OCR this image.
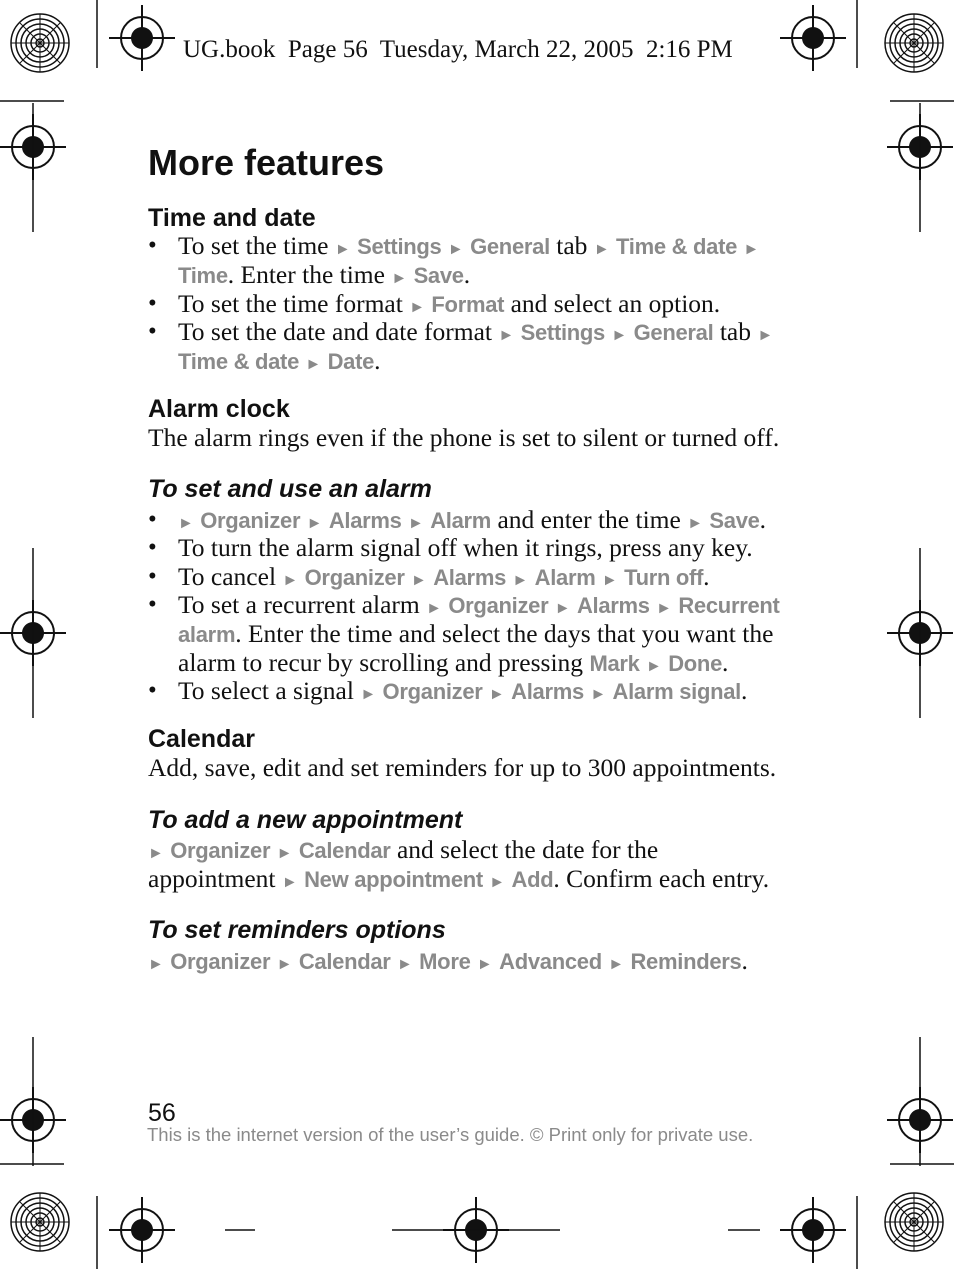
UG.book  Page 56  Tuesday, March 22, 2005  2:16 PM
More features
Time and date
• To set the time ► Settings ► General tab ► Time & date ►
Time. Enter the time ► Save.
• To set the time format ► Format and select an option.
• To set the date and date format ► Settings ► General tab ►
Time & date ► Date.
Alarm clock
The alarm rings even if the phone is set to silent or turned off.
To set and use an alarm
• ► Organizer ► Alarms ► Alarm and enter the time ► Save.
• To turn the alarm signal off when it rings, press any key.
• To cancel ► Organizer ► Alarms ► Alarm ► Turn off.
• To set a recurrent alarm ► Organizer ► Alarms ► Recurrent
alarm. Enter the time and select the days that you want the
alarm to recur by scrolling and pressing Mark ► Done.
• To select a signal ► Organizer ► Alarms ► Alarm signal.
Calendar
Add, save, edit and set reminders for up to 300 appointments.
To add a new appointment
► Organizer ► Calendar and select the date for the
appointment ► New appointment ► Add. Confirm each entry.
To set reminders options
► Organizer ► Calendar ► More ► Advanced ► Reminders.
56
This is the internet version of the user’s guide. © Print only for private use.
